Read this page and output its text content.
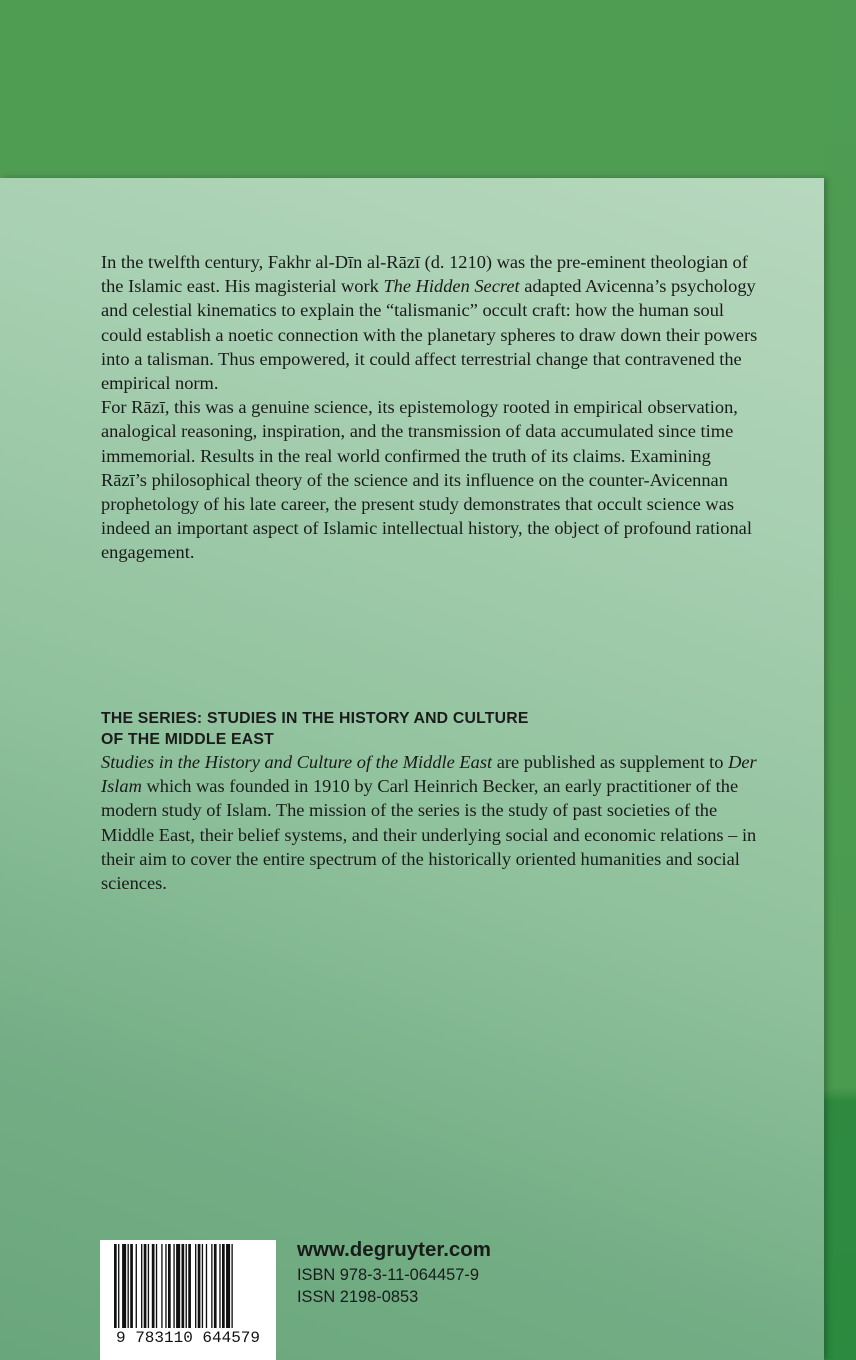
In the twelfth century, Fakhr al-Dīn al-Rāzī (d. 1210) was the pre-eminent theologian of the Islamic east. His magisterial work The Hidden Secret adapted Avicenna’s psychology and celestial kinematics to explain the “talismanic” occult craft: how the human soul could establish a noetic connection with the planetary spheres to draw down their powers into a talisman. Thus empowered, it could affect terrestrial change that contravened the empirical norm.

For Rāzī, this was a genuine science, its epistemology rooted in empirical observation, analogical reasoning, inspiration, and the transmission of data accumulated since time immemorial. Results in the real world confirmed the truth of its claims. Examining Rāzī’s philosophical theory of the science and its influence on the counter-Avicennan prophetology of his late career, the present study demonstrates that occult science was indeed an important aspect of Islamic intellectual history, the object of profound rational engagement.

THE SERIES: STUDIES IN THE HISTORY AND CULTURE
OF THE MIDDLE EAST

Studies in the History and Culture of the Middle East are published as supplement to Der Islam which was founded in 1910 by Carl Heinrich Becker, an early practitioner of the modern study of Islam. The mission of the series is the study of past societies of the Middle East, their belief systems, and their underlying social and economic relations – in their aim to cover the entire spectrum of the historically oriented humanities and social sciences.

9 783110 644579
www.degruyter.com
ISBN 978-3-11-064457-9
ISSN 2198-0853
